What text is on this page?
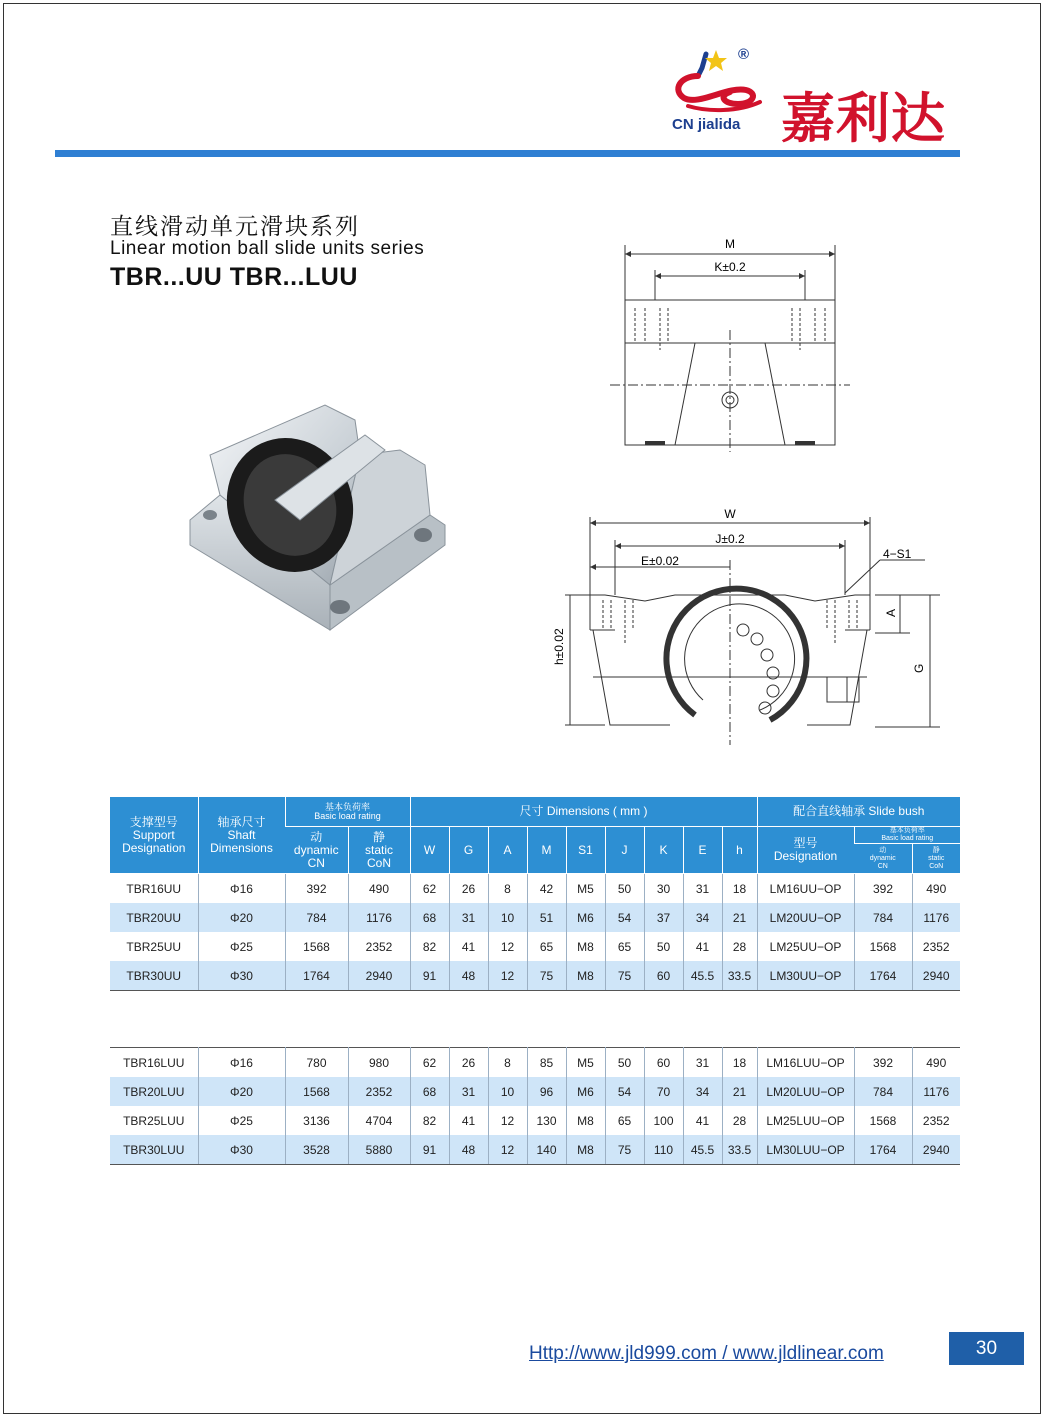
®
嘉利达
CN jialida
直线滑动单元滑块系列
Linear motion ball slide units series
TBR...UU TBR...LUU
M
K±0.2
W
J±0.2
E±0.02	4−S1
A
G
h±0.02
支撑型号
Support
Designation	轴承尺寸
Shaft
Dimensions	基本负荷率
Basic load rating		尺寸 Dimensions ( mm )									配合直线轴承 Slide bush		
		动
dynamic
CN	静
static
CoN	W	G	A	M	S1	J	K	E	h	型号
Designation	基本负荷率
Basic load rating	

														动
dynamic
CN	静
static
CoN

TBR16UU	Φ16	392	490	62	26	8	42	M5	50	30	31	18	LM16UU−OP	392	490
TBR20UU	Φ20	784	1176	68	31	10	51	M6	54	37	34	21	LM20UU−OP	784	1176
TBR25UU	Φ25	1568	2352	82	41	12	65	M8	65	50	41	28	LM25UU−OP	1568	2352
TBR30UU	Φ30	1764	2940	91	48	12	75	M8	75	60	45.5	33.5	LM30UU−OP	1764	2940
TBR16LUU	Φ16	780	980	62	26	8	85	M5	50	60	31	18	LM16LUU−OP	392	490
TBR20LUU	Φ20	1568	2352	68	31	10	96	M6	54	70	34	21	LM20LUU−OP	784	1176
TBR25LUU	Φ25	3136	4704	82	41	12	130	M8	65	100	41	28	LM25LUU−OP	1568	2352
TBR30LUU	Φ30	3528	5880	91	48	12	140	M8	75	110	45.5	33.5	LM30LUU−OP	1764	2940
Http://www.jld999.com / www.jldlinear.com	30
